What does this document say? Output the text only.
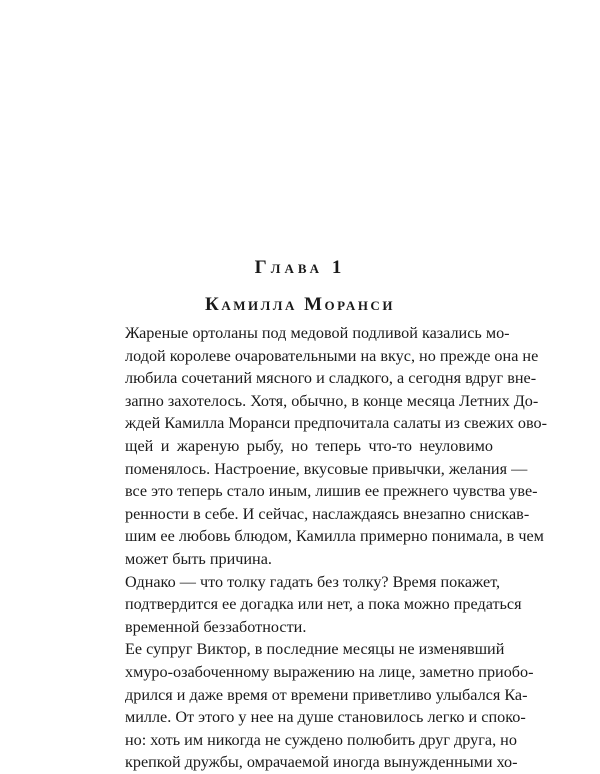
Глава 1
Камилла Моранси
Жареные ортоланы под медовой подливой казались мо-
лодой королеве очаровательными на вкус, но прежде она не
любила сочетаний мясного и сладкого, а сегодня вдруг вне-
запно захотелось. Хотя, обычно, в конце месяца Летних До-
ждей Камилла Моранси предпочитала салаты из свежих ово-
щей и жареную рыбу, но теперь что-то неуловимо
поменялось. Настроение, вкусовые привычки, желания —
все это теперь стало иным, лишив ее прежнего чувства уве-
ренности в себе. И сейчас, наслаждаясь внезапно снискав-
шим ее любовь блюдом, Камилла примерно понимала, в чем
может быть причина.
Однако — что толку гадать без толку? Время покажет,
подтвердится ее догадка или нет, а пока можно предаться
временной беззаботности.
Ее супруг Виктор, в последние месяцы не изменявший
хмуро-озабоченному выражению на лице, заметно приобо-
дрился и даже время от времени приветливо улыбался Ка-
милле. От этого у нее на душе становилось легко и споко-
но: хоть им никогда не суждено полюбить друг друга, но
крепкой дружбы, омрачаемой иногда вынужденными хо-
